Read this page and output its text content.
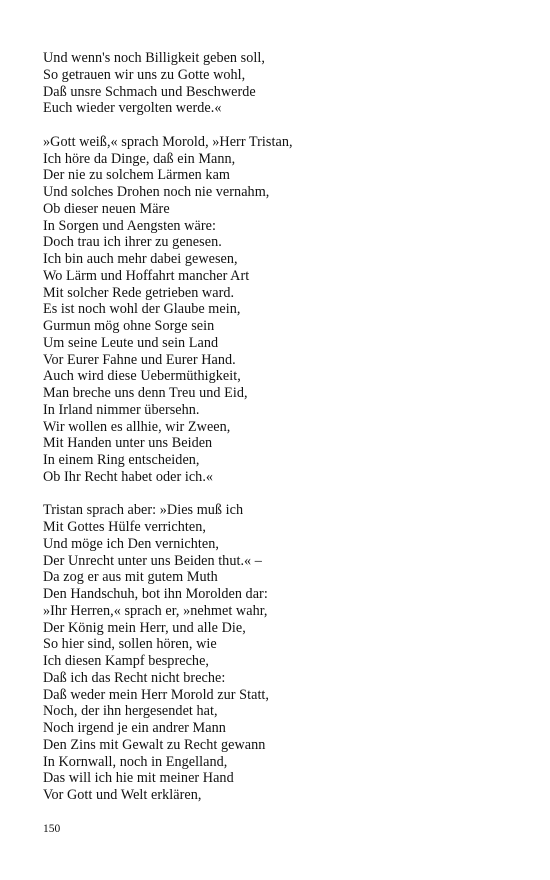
Und wenn's noch Billigkeit geben soll,
So getrauen wir uns zu Gotte wohl,
Daß unsre Schmach und Beschwerde
Euch wieder vergolten werde.«
»Gott weiß,« sprach Morold, »Herr Tristan,
Ich höre da Dinge, daß ein Mann,
Der nie zu solchem Lärmen kam
Und solches Drohen noch nie vernahm,
Ob dieser neuen Märe
In Sorgen und Aengsten wäre:
Doch trau ich ihrer zu genesen.
Ich bin auch mehr dabei gewesen,
Wo Lärm und Hoffahrt mancher Art
Mit solcher Rede getrieben ward.
Es ist noch wohl der Glaube mein,
Gurmun mög ohne Sorge sein
Um seine Leute und sein Land
Vor Eurer Fahne und Eurer Hand.
Auch wird diese Uebermüthigkeit,
Man breche uns denn Treu und Eid,
In Irland nimmer übersehn.
Wir wollen es allhie, wir Zween,
Mit Handen unter uns Beiden
In einem Ring entscheiden,
Ob Ihr Recht habet oder ich.«
Tristan sprach aber: »Dies muß ich
Mit Gottes Hülfe verrichten,
Und möge ich Den vernichten,
Der Unrecht unter uns Beiden thut.« –
Da zog er aus mit gutem Muth
Den Handschuh, bot ihn Morolden dar:
»Ihr Herren,« sprach er, »nehmet wahr,
Der König mein Herr, und alle Die,
So hier sind, sollen hören, wie
Ich diesen Kampf bespreche,
Daß ich das Recht nicht breche:
Daß weder mein Herr Morold zur Statt,
Noch, der ihn hergesendet hat,
Noch irgend je ein andrer Mann
Den Zins mit Gewalt zu Recht gewann
In Kornwall, noch in Engelland,
Das will ich hie mit meiner Hand
Vor Gott und Welt erklären,
150
